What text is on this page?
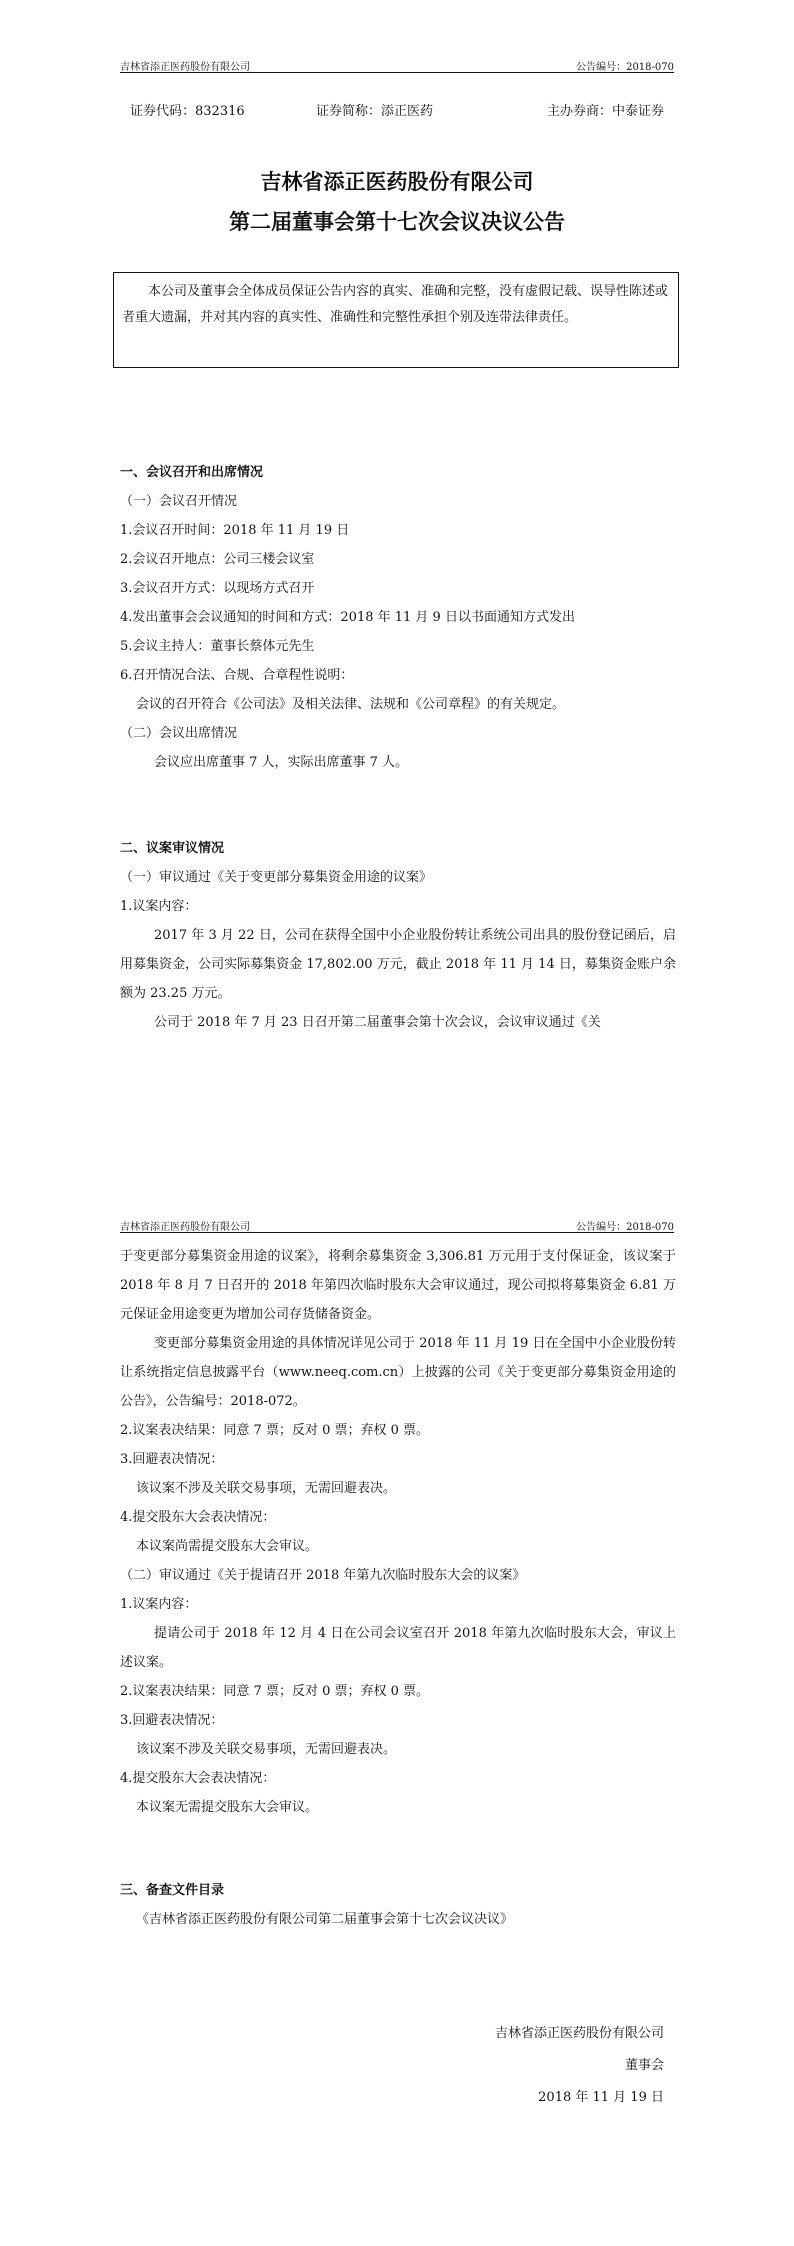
吉林省添正医药股份有限公司	公告编号：2018-070
证券代码：832316	证券简称：添正医药	主办券商：中泰证券
吉林省添正医药股份有限公司
第二届董事会第十七次会议决议公告
本公司及董事会全体成员保证公告内容的真实、准确和完整，没有虚假记载、误导性陈述或者重大遗漏，并对其内容的真实性、准确性和完整性承担个别及连带法律责任。
一、会议召开和出席情况
（一）会议召开情况
1.会议召开时间：2018 年 11 月 19 日
2.会议召开地点：公司三楼会议室
3.会议召开方式：以现场方式召开
4.发出董事会会议通知的时间和方式：2018 年 11 月 9 日以书面通知方式发出
5.会议主持人：董事长蔡体元先生
6.召开情况合法、合规、合章程性说明：
会议的召开符合《公司法》及相关法律、法规和《公司章程》的有关规定。
（二）会议出席情况
会议应出席董事 7 人，实际出席董事 7 人。
二、议案审议情况
（一）审议通过《关于变更部分募集资金用途的议案》
1.议案内容：
2017 年 3 月 22 日，公司在获得全国中小企业股份转让系统公司出具的股份登记函后，启用募集资金，公司实际募集资金 17,802.00 万元，截止 2018 年 11 月 14 日，募集资金账户余额为 23.25 万元。
公司于 2018 年 7 月 23 日召开第二届董事会第十次会议，会议审议通过《关
吉林省添正医药股份有限公司	公告编号：2018-070
于变更部分募集资金用途的议案》，将剩余募集资金 3,306.81 万元用于支付保证金，该议案于 2018 年 8 月 7 日召开的 2018 年第四次临时股东大会审议通过，现公司拟将募集资金 6.81 万元保证金用途变更为增加公司存货储备资金。
变更部分募集资金用途的具体情况详见公司于 2018 年 11 月 19 日在全国中小企业股份转让系统指定信息披露平台（www.neeq.com.cn）上披露的公司《关于变更部分募集资金用途的公告》，公告编号：2018-072。
2.议案表决结果：同意 7 票；反对 0 票；弃权 0 票。
3.回避表决情况：
该议案不涉及关联交易事项，无需回避表决。
4.提交股东大会表决情况：
本议案尚需提交股东大会审议。
（二）审议通过《关于提请召开 2018 年第九次临时股东大会的议案》
1.议案内容：
提请公司于 2018 年 12 月 4 日在公司会议室召开 2018 年第九次临时股东大会，审议上述议案。
2.议案表决结果：同意 7 票；反对 0 票；弃权 0 票。
3.回避表决情况：
该议案不涉及关联交易事项，无需回避表决。
4.提交股东大会表决情况：
本议案无需提交股东大会审议。
三、备查文件目录
《吉林省添正医药股份有限公司第二届董事会第十七次会议决议》
吉林省添正医药股份有限公司
董事会
2018 年 11 月 19 日
